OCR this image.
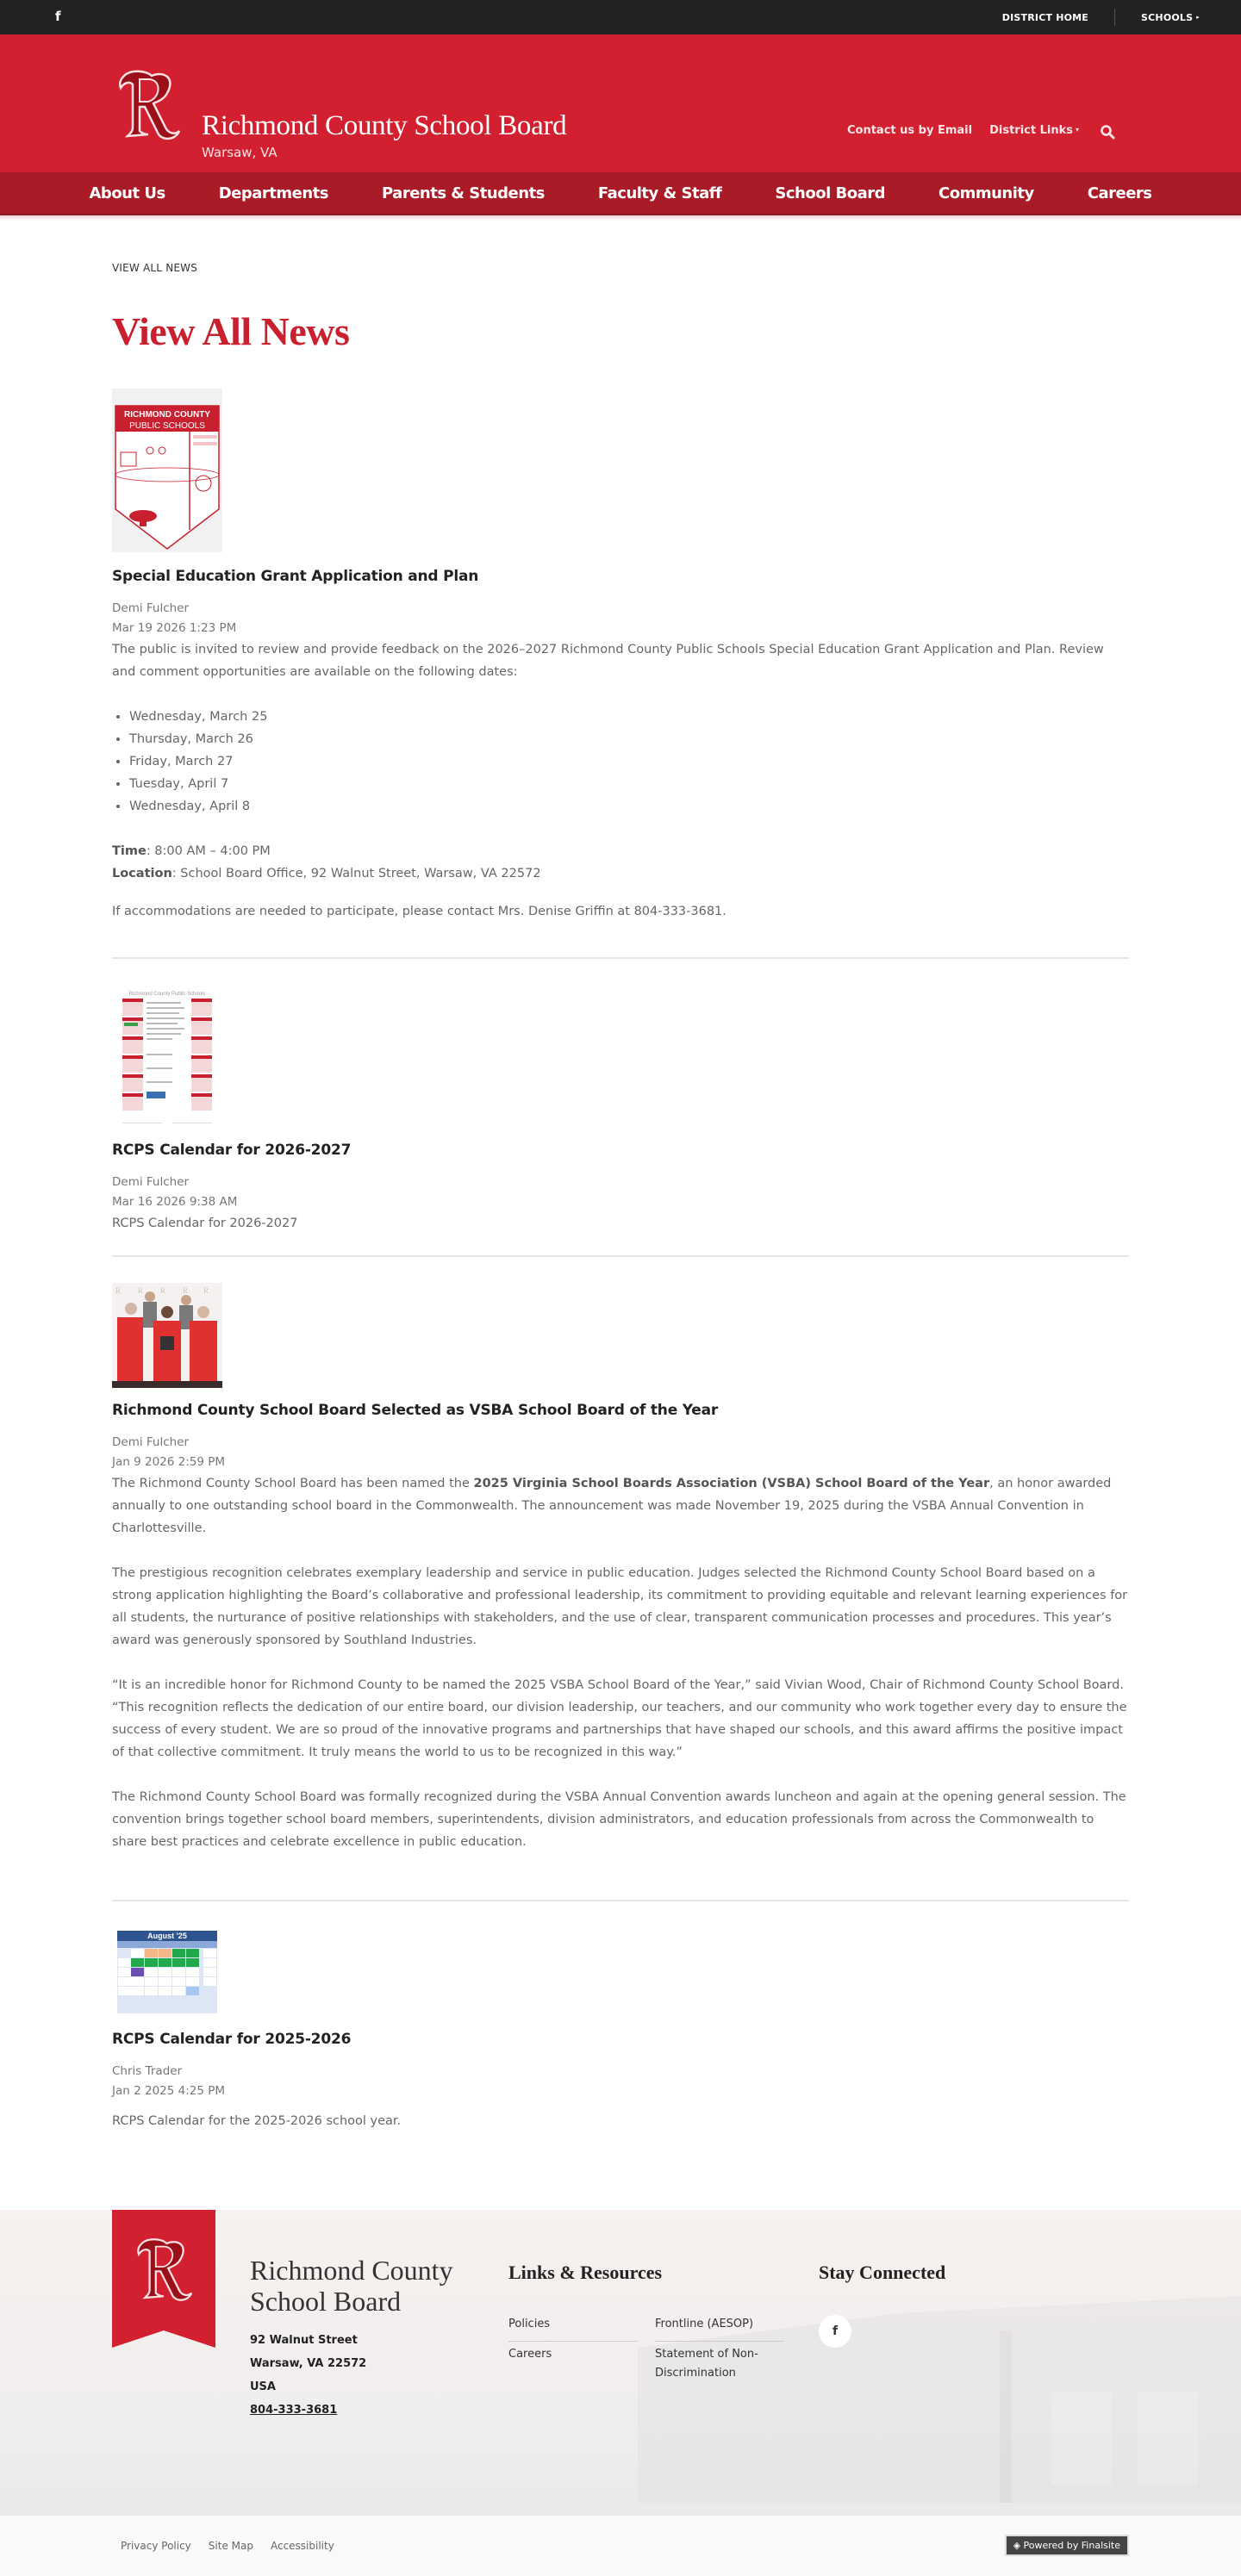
f	DISTRICT HOME	SCHOOLS ▸
Richmond County School Board
Warsaw, VA
Contact us by Email District Links ▾
About Us	Departments	Parents & Students	Faculty & Staff	School Board	Community	Careers
VIEW ALL NEWS
View All News
RICHMOND COUNTY
PUBLIC SCHOOLS
Special Education Grant Application and Plan
Demi Fulcher
Mar 19 2026 1:23 PM

The public is invited to review and provide feedback on the 2026–2027 Richmond County Public Schools Special Education Grant Application and Plan. Review and comment opportunities are available on the following dates:

• Wednesday, March 25
• Thursday, March 26
• Friday, March 27
• Tuesday, April 7
• Wednesday, April 8
Time: 8:00 AM – 4:00 PM
Location: School Board Office, 92 Walnut Street, Warsaw, VA 22572

If accommodations are needed to participate, please contact Mrs. Denise Griffin at 804-333-3681.

Richmond County Public Schools
RCPS Calendar for 2026-2027
Demi Fulcher
Mar 16 2026 9:38 AM
RCPS Calendar for 2026-2027
R R R R R
Richmond County School Board Selected as VSBA School Board of the Year
Demi Fulcher
Jan 9 2026 2:59 PM

The Richmond County School Board has been named the 2025 Virginia School Boards Association (VSBA) School Board of the Year, an honor awarded annually to one outstanding school board in the Commonwealth. The announcement was made November 19, 2025 during the VSBA Annual Convention in Charlottesville.

The prestigious recognition celebrates exemplary leadership and service in public education. Judges selected the Richmond County School Board based on a strong application highlighting the Board’s collaborative and professional leadership, its commitment to providing equitable and relevant learning experiences for all students, the nurturance of positive relationships with stakeholders, and the use of clear, transparent communication processes and procedures. This year’s award was generously sponsored by Southland Industries.

“It is an incredible honor for Richmond County to be named the 2025 VSBA School Board of the Year,” said Vivian Wood, Chair of Richmond County School Board. “This recognition reflects the dedication of our entire board, our division leadership, our teachers, and our community who work together every day to ensure the success of every student. We are so proud of the innovative programs and partnerships that have shaped our schools, and this award affirms the positive impact of that collective commitment. It truly means the world to us to be recognized in this way.”

The Richmond County School Board was formally recognized during the VSBA Annual Convention awards luncheon and again at the opening general session. The convention brings together school board members, superintendents, division administrators, and education professionals from across the Commonwealth to share best practices and celebrate excellence in public education.

August '25
RCPS Calendar for 2025-2026
Chris Trader
Jan 2 2025 4:25 PM
RCPS Calendar for the 2025-2026 school year.
Richmond County School Board
92 Walnut Street
Warsaw, VA 22572
USA
804-333-3681
Links & Resources
Policies	Frontline (AESOP)
Careers	Statement of Non-Discrimination
Stay Connected
f
Privacy Policy Site Map Accessibility	◈ Powered by Finalsite
